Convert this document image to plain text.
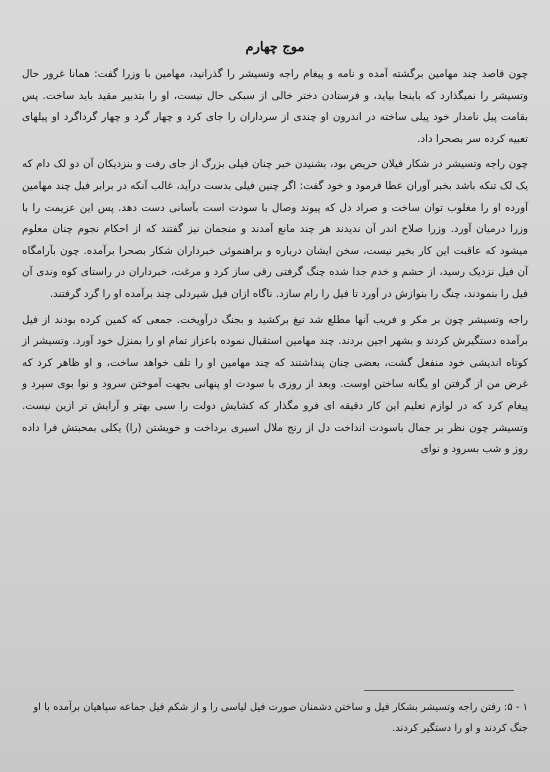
موج چهارم

چون قاصد چند مهامین برگشته آمده و نامه و پیغام راجه وتسیشر را گذرانید، مهامین با وزرا گفت: همانا غرور حال وتسیشر را نمیگذارد که باینجا بیاید، و فرستادن دختر خالی از سبکی حال نیست، او را بتدبیر مقید باید ساخت. پس بقامت پیل نامدار خود پیلی ساخته در اندرون او چندی از سرداران را جای کرد و چهار گرد و چهار گرداگرد او پیلهای تعبیه کرده سر بصحرا داد.

چون راجه وتسیشر در شکار فیلان حریص بود، بشنیدن خبر چنان فیلی بزرگ از جای رفت و بنزدیکان آن دو لک دام که یک لک تنکه باشد بخبر آوران عطا فرمود و خود گفت: اگر چنین فیلی بدست درآید، غالب آنکه در برابر فیل چند مهامین آورده او را مغلوب توان ساخت و صراد دل که پیوند وصال با سودت است بآسانی دست دهد. پس این عزیمت را با وزرا درمیان آورد. وزرا صلاح اندر آن ندیدند هر چند مانع آمدند و منجمان نیز گفتند که از احکام نجوم چنان معلوم میشود که عاقبت این کار بخیر نیست، سخن ایشان درباره و براهنموئی خبرداران شکار بصحرا برآمده. چون بآرامگاه آن فیل نزدیک رسید، از حشم و خدم جدا شده چنگ گرفتی رقی ساز کرد و مرغت، خبرداران در راستای کوه وندی آن فیل را بنمودند، چنگ را بنوازش در آورد تا فیل را رام سازد. ناگاه ازان فیل شیردلی چند برآمده او را گرد گرفتند.

راجه وتسیشر چون بر مکر و فریب آنها مطلع شد تیغ برکشید و بجنگ درآویخت. جمعی که کمین کرده بودند از فیل برآمده دستگیرش کردند و بشهر اجین بردند. چند مهامین استقبال نموده باعزاز تمام او را بمنزل خود آورد. وتسیشر از کوتاه اندیشی خود منفعل گشت، بعضی چنان پنداشتند که چند مهامین او را تلف خواهد ساخت، و او ظاهر کرد که غرض من از گرفتن او یگانه ساختن اوست. وبعد از روزی با سودت او پنهانی بجهت آموختن سرود و نوا بوی سپرد و پیغام کرد که در لوازم تعلیم این کار دقیقه ای فرو مگذار که کشایش دولت را سبی بهتر و آرایش تر ازین نیست. وتسیشر چون نظر بر جمال باسودت انداخت دل از رنج ملال اسیری برداخت و خویشتن (را) یکلی بمحبتش فرا داده روز و شب بسرود و نوای

۱ - ۵: رفتن راجه وتسیشر بشکار فیل و ساختن دشمنان صورت فیل لیاسی را و از شکم فیل جماعه سپاهیان برآمده با او جنگ کردند و او را دستگیر کردند.
